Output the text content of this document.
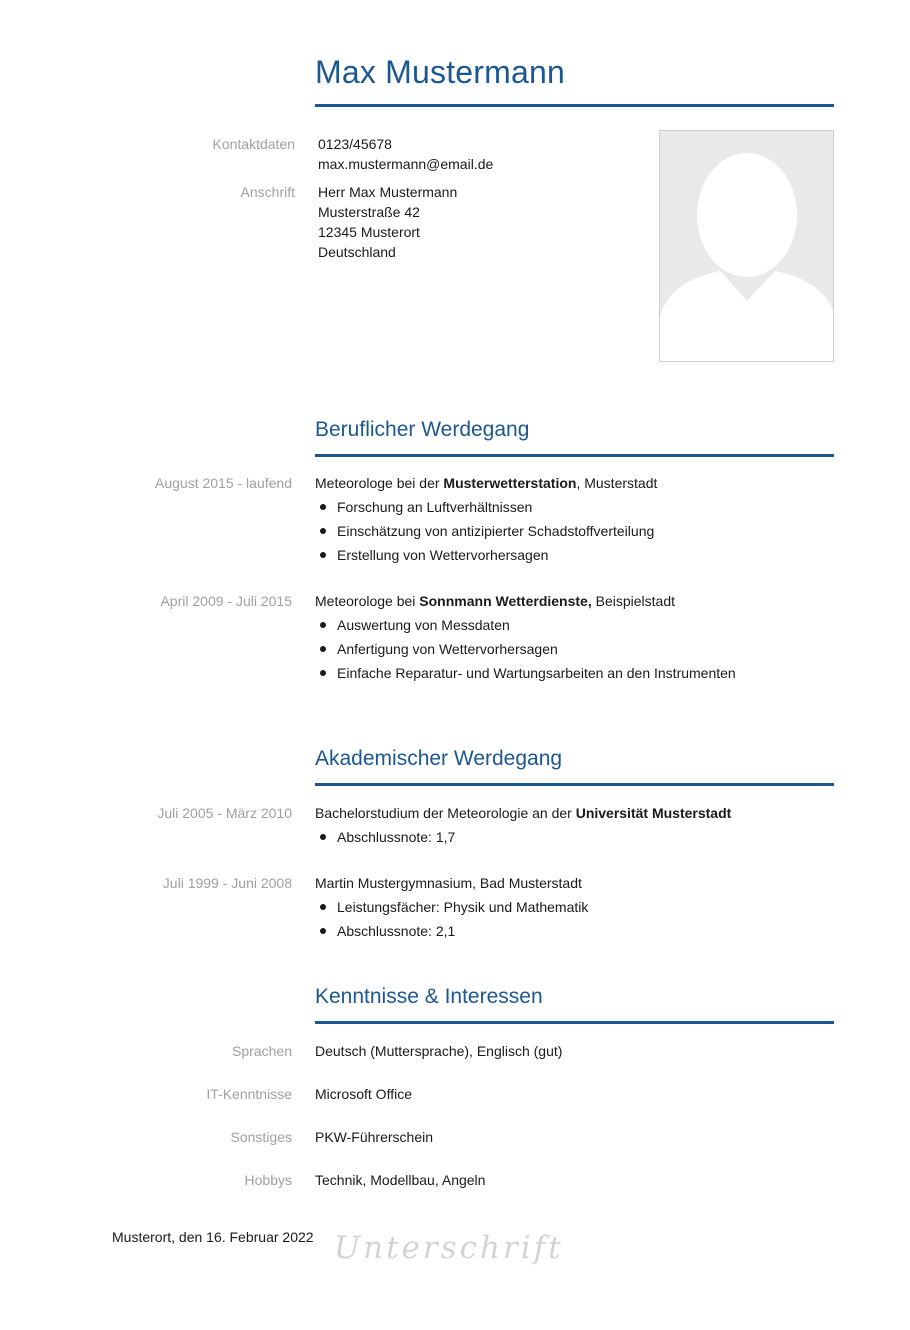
Max Mustermann
Kontaktdaten 0123/45678
max.mustermann@email.de
Anschrift Herr Max Mustermann
Musterstraße 42
12345 Musterort
Deutschland
Beruflicher Werdegang
August 2015 - laufend Meteorologe bei der Musterwetterstation, Musterstadt
Forschung an Luftverhältnissen
Einschätzung von antizipierter Schadstoffverteilung
Erstellung von Wettervorhersagen
April 2009 - Juli 2015 Meteorologe bei Sonnmann Wetterdienste, Beispielstadt
Auswertung von Messdaten
Anfertigung von Wettervorhersagen
Einfache Reparatur- und Wartungsarbeiten an den Instrumenten
Akademischer Werdegang
Juli 2005 - März 2010 Bachelorstudium der Meteorologie an der Universität Musterstadt
Abschlussnote: 1,7
Juli 1999 - Juni 2008 Martin Mustergymnasium, Bad Musterstadt
Leistungsfächer: Physik und Mathematik
Abschlussnote: 2,1
Kenntnisse & Interessen
Sprachen Deutsch (Muttersprache), Englisch (gut)
IT-Kenntnisse Microsoft Office
Sonstiges PKW-Führerschein
Hobbys Technik, Modellbau, Angeln
Musterort, den 16. Februar 2022 Unterschrift
